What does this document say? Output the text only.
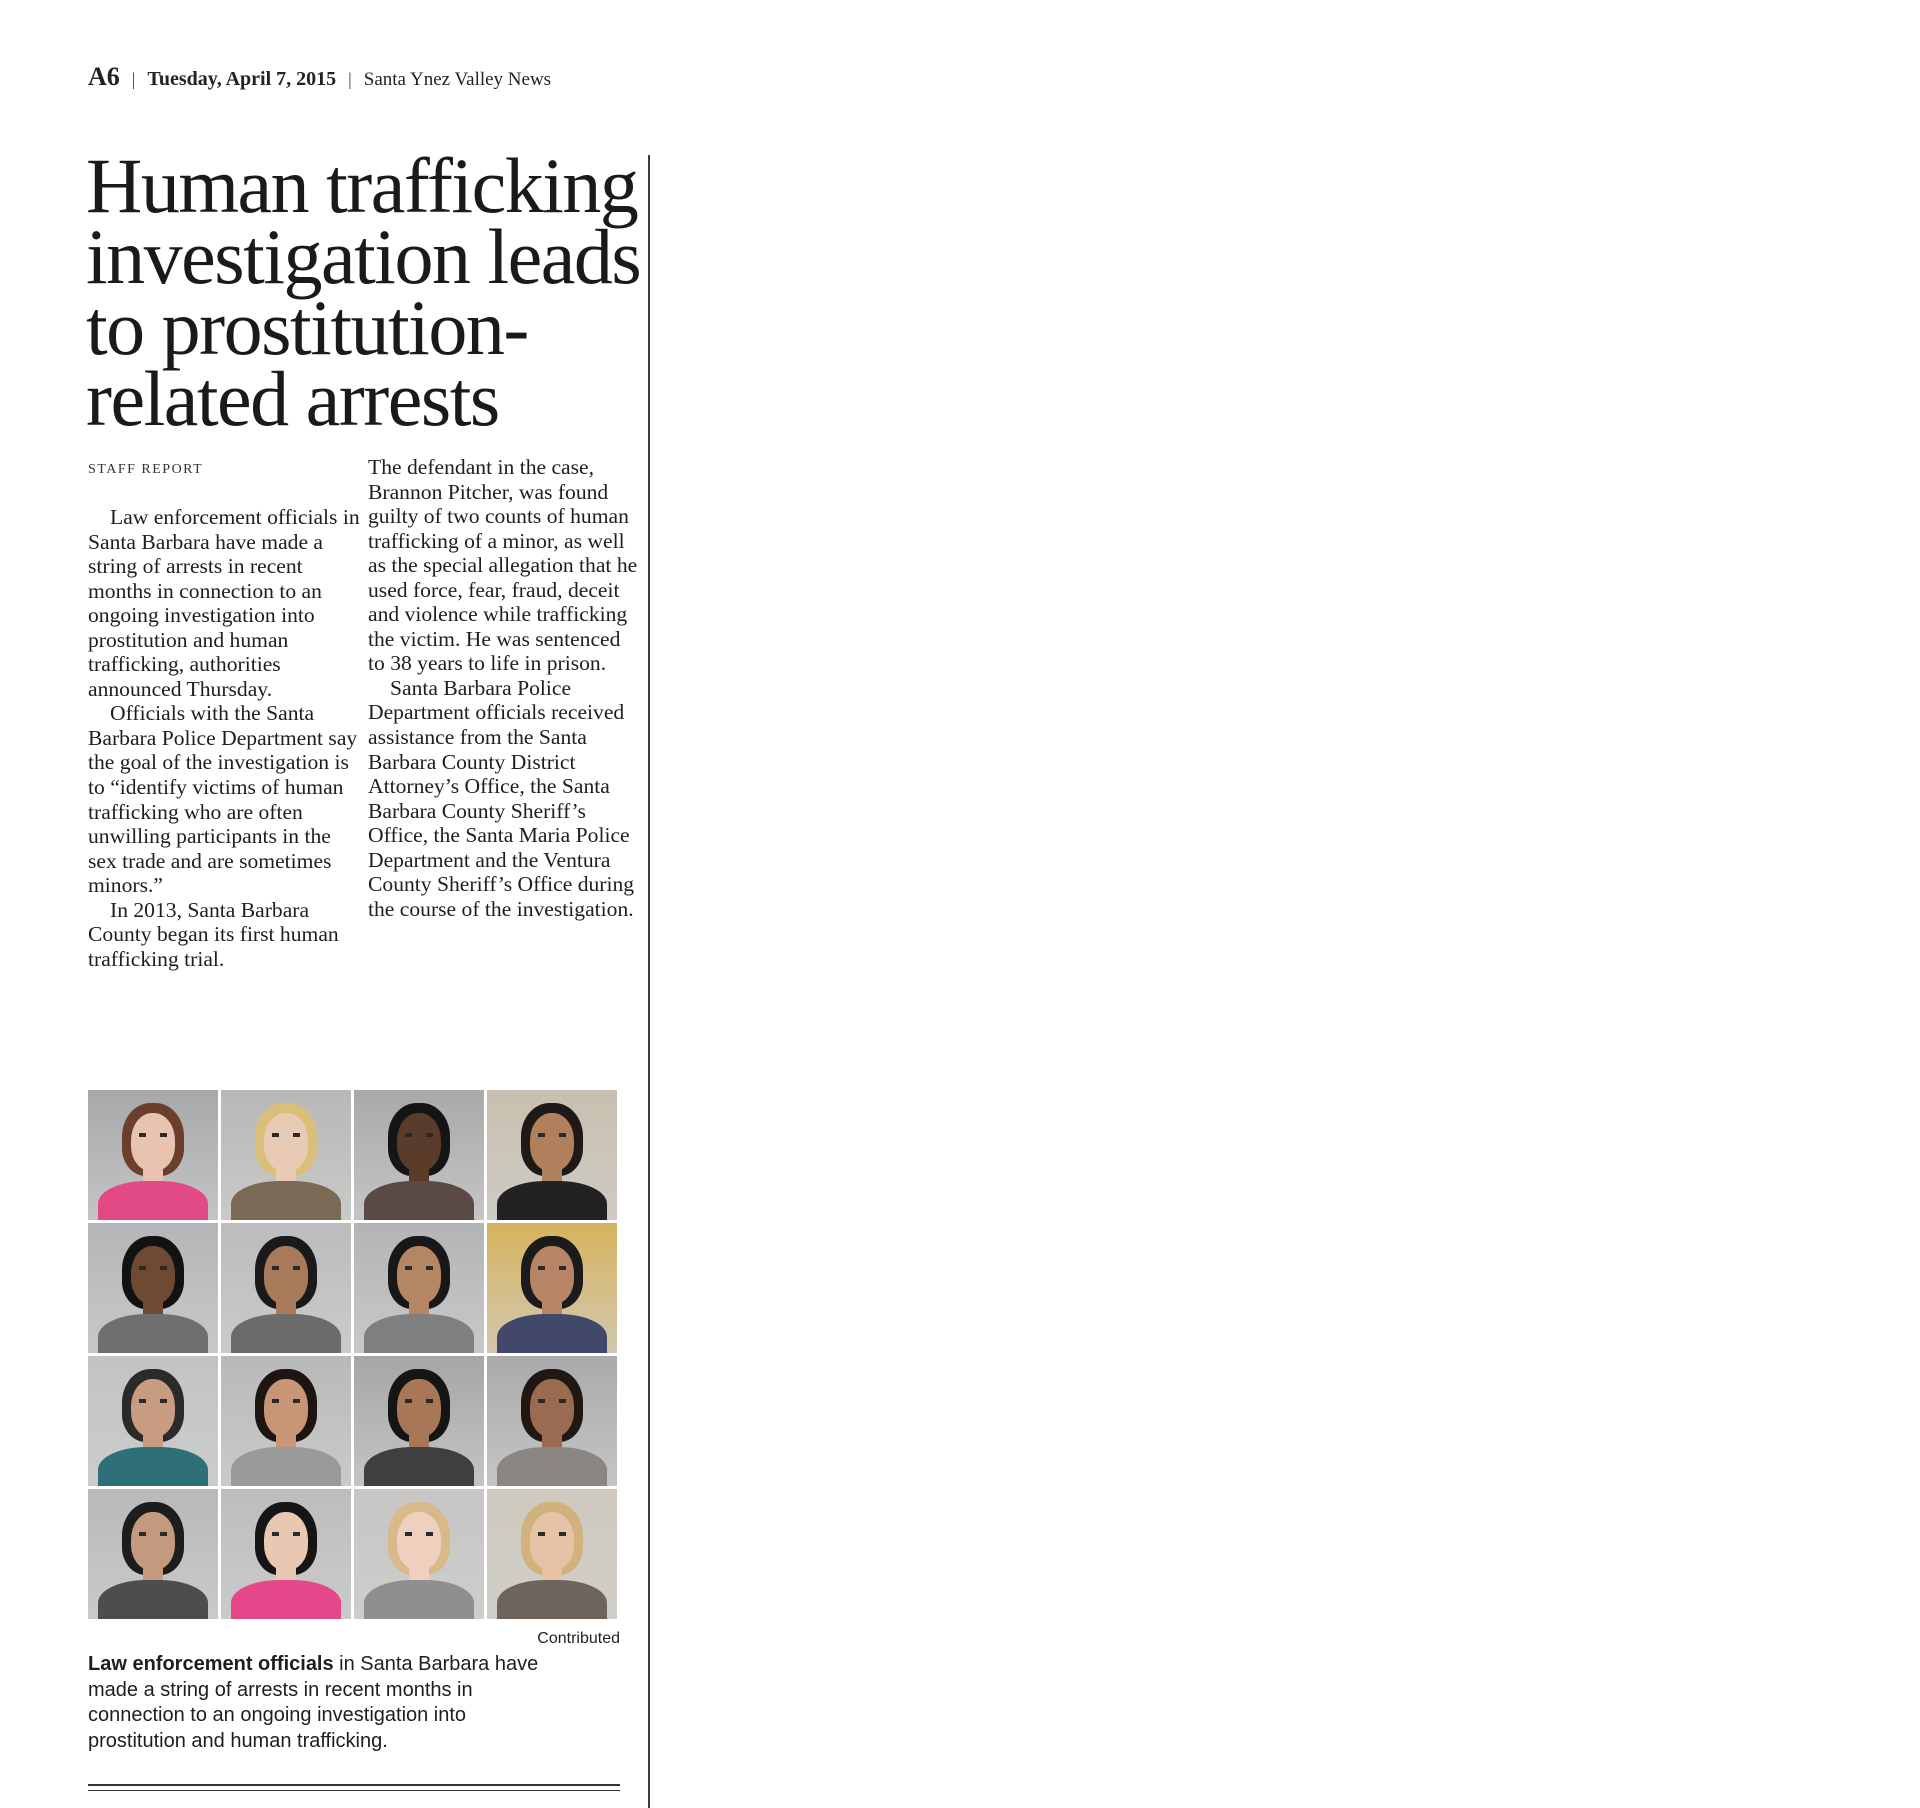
A6 | Tuesday, April 7, 2015 | Santa Ynez Valley News
Human trafficking investigation leads to prostitution-related arrests
STAFF REPORT

Law enforcement officials in Santa Barbara have made a string of arrests in recent months in connection to an ongoing investigation into prostitution and human trafficking, authorities announced Thursday.

Officials with the Santa Barbara Police Department say the goal of the investigation is to “identify victims of human trafficking who are often unwilling participants in the sex trade and are sometimes minors.”

In 2013, Santa Barbara County began its first human trafficking trial.

The defendant in the case, Brannon Pitcher, was found guilty of two counts of human trafficking of a minor, as well as the special allegation that he used force, fear, fraud, deceit and violence while trafficking the victim. He was sentenced to 38 years to life in prison.

Santa Barbara Police Department officials received assistance from the Santa Barbara County District Attorney’s Office, the Santa Barbara County Sheriff’s Office, the Santa Maria Police Department and the Ventura County Sheriff’s Office during the course of the investigation.

Contributed
Law enforcement officials in Santa Barbara have made a string of arrests in recent months in connection to an ongoing investigation into prostitution and human trafficking.
